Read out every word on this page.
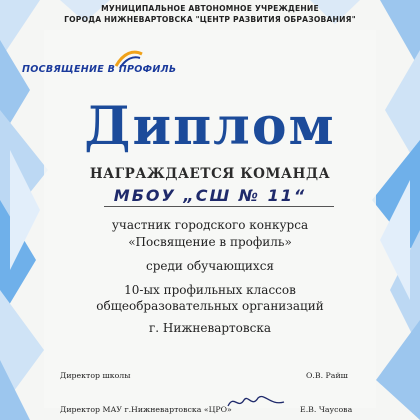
МУНИЦИПАЛЬНОЕ АВТОНОМНОЕ УЧРЕЖДЕНИЕ
ГОРОДА НИЖНЕВАРТОВСКА "ЦЕНТР РАЗВИТИЯ ОБРАЗОВАНИЯ"
ПОСВЯЩЕНИЕ В ПРОФИЛЬ
Диплом
НАГРАЖДАЕТСЯ КОМАНДА
МБОУ „СШ № 11“
участник городского конкурса
«Посвящение в профиль»
среди обучающихся
10-ых профильных классов
общеобразовательных организаций
г. Нижневартовска
Директор школы	О.В. Райш
Директор МАУ г.Нижневартовска «ЦРО»	Е.В. Чаусова
